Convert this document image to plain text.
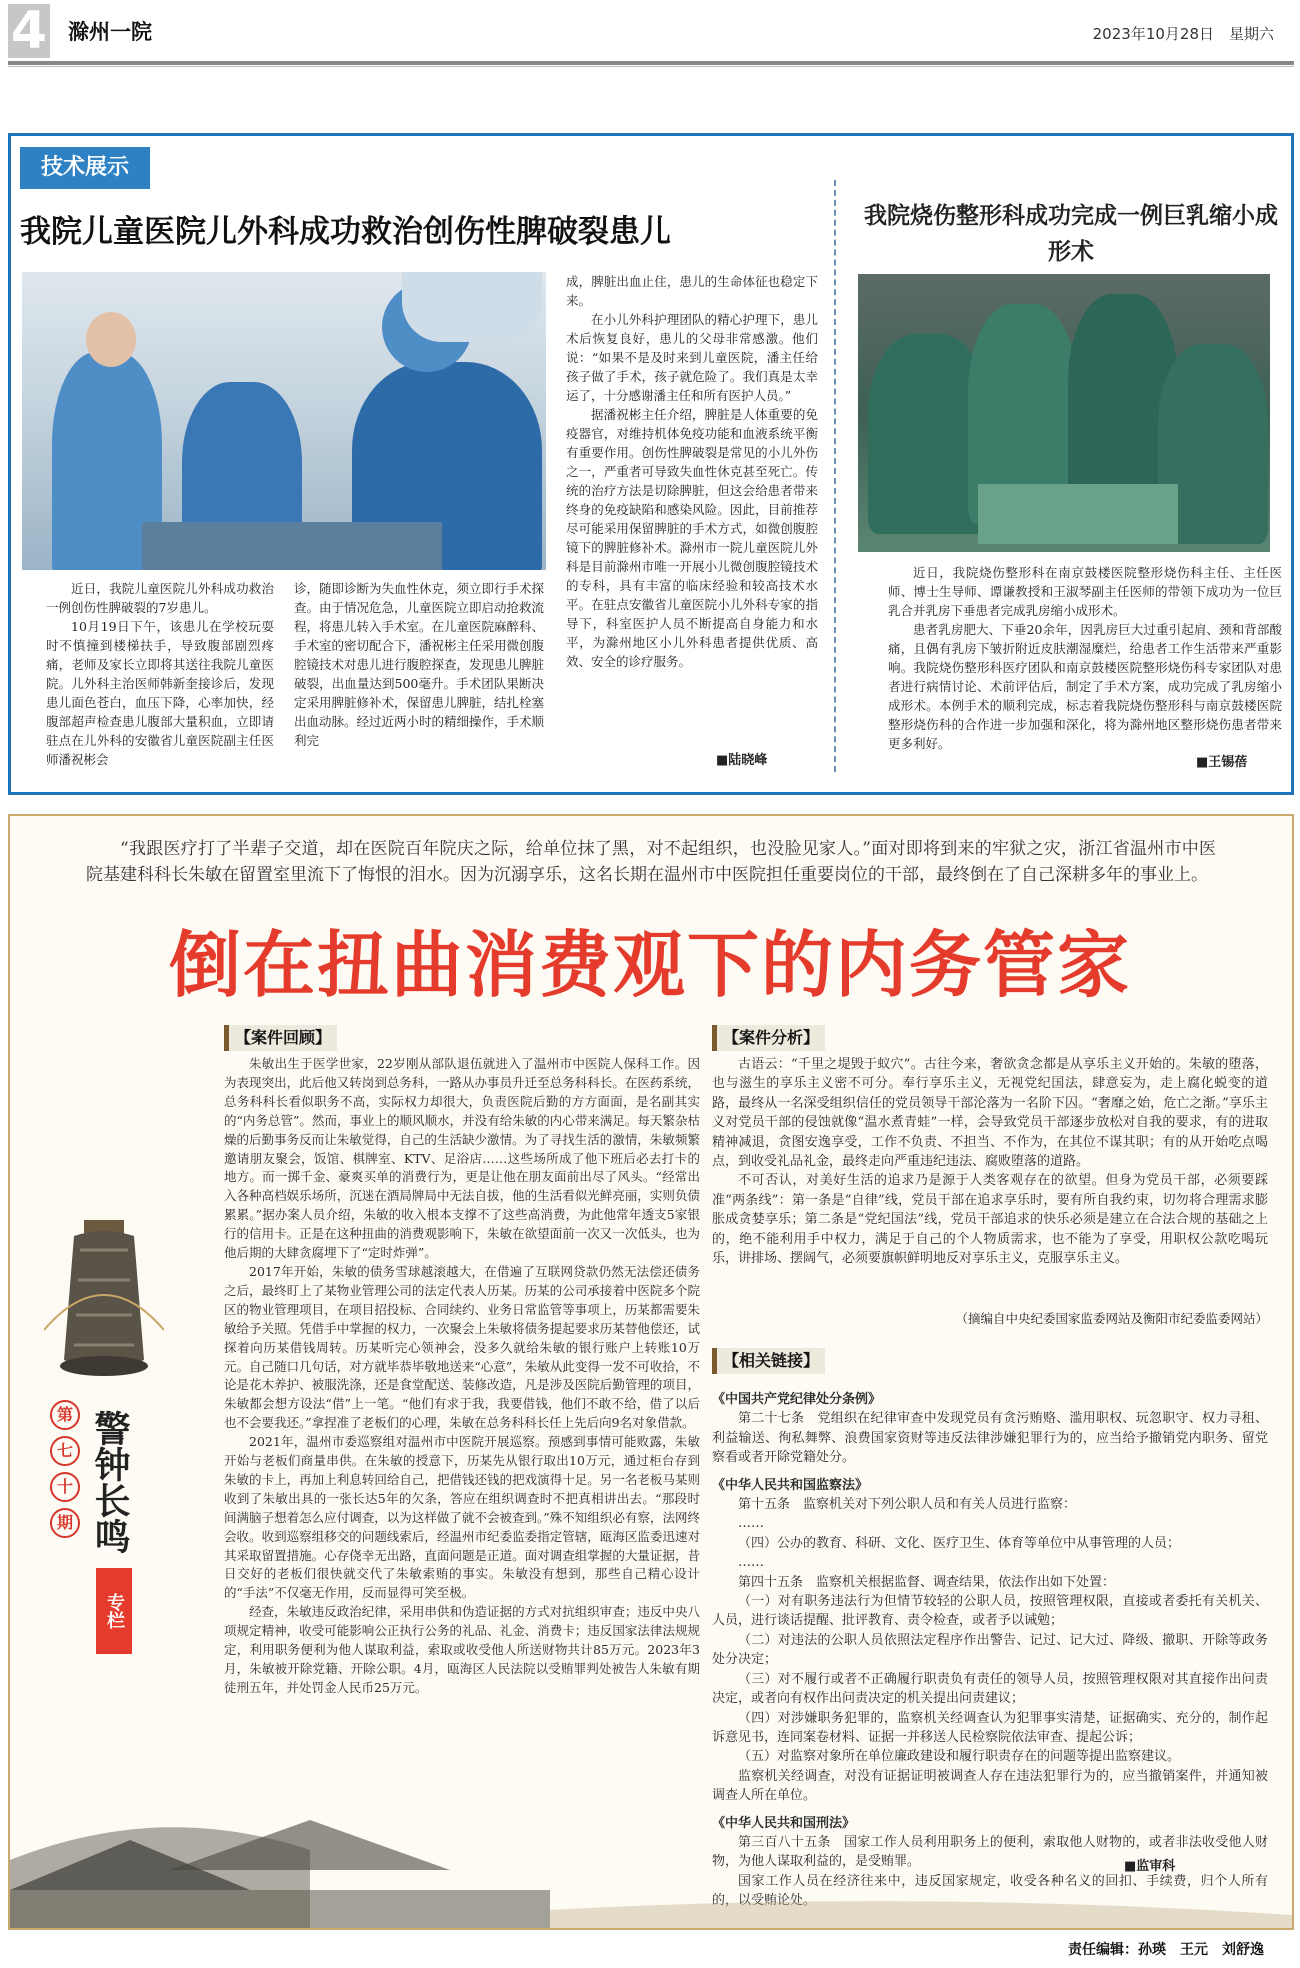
4 滁州一院	2023年10月28日　星期六
技术展示
我院儿童医院儿外科成功救治创伤性脾破裂患儿

近日，我院儿童医院儿外科成功救治一例创伤性脾破裂的7岁患儿。

10月19日下午，该患儿在学校玩耍时不慎撞到楼梯扶手，导致腹部剧烈疼痛，老师及家长立即将其送往我院儿童医院。儿外科主治医师韩新奎接诊后，发现患儿面色苍白，血压下降，心率加快，经腹部超声检查患儿腹部大量积血，立即请驻点在儿外科的安徽省儿童医院副主任医师潘祝彬会

诊，随即诊断为失血性休克，须立即行手术探查。由于情况危急，儿童医院立即启动抢救流程，将患儿转入手术室。在儿童医院麻醉科、手术室的密切配合下，潘祝彬主任采用微创腹腔镜技术对患儿进行腹腔探查，发现患儿脾脏破裂，出血量达到500毫升。手术团队果断决定采用脾脏修补术，保留患儿脾脏，结扎栓塞出血动脉。经过近两小时的精细操作，手术顺利完

成，脾脏出血止住，患儿的生命体征也稳定下来。

在小儿外科护理团队的精心护理下，患儿术后恢复良好，患儿的父母非常感激。他们说：“如果不是及时来到儿童医院，潘主任给孩子做了手术，孩子就危险了。我们真是太幸运了，十分感谢潘主任和所有医护人员。”

据潘祝彬主任介绍，脾脏是人体重要的免疫器官，对维持机体免疫功能和血液系统平衡有重要作用。创伤性脾破裂是常见的小儿外伤之一，严重者可导致失血性休克甚至死亡。传统的治疗方法是切除脾脏，但这会给患者带来终身的免疫缺陷和感染风险。因此，目前推荐尽可能采用保留脾脏的手术方式，如微创腹腔镜下的脾脏修补术。滁州市一院儿童医院儿外科是目前滁州市唯一开展小儿微创腹腔镜技术的专科，具有丰富的临床经验和较高技术水平。在驻点安徽省儿童医院小儿外科专家的指导下，科室医护人员不断提高自身能力和水平，为滁州地区小儿外科患者提供优质、高效、安全的诊疗服务。

■陆晓峰
我院烧伤整形科成功完成一例巨乳缩小成形术

近日，我院烧伤整形科在南京鼓楼医院整形烧伤科主任、主任医师、博士生导师、谭谦教授和王淑琴副主任医师的带领下成功为一位巨乳合并乳房下垂患者完成乳房缩小成形术。

患者乳房肥大、下垂20余年，因乳房巨大过重引起肩、颈和背部酸痛，且偶有乳房下皱折附近皮肤潮湿糜烂，给患者工作生活带来严重影响。我院烧伤整形科医疗团队和南京鼓楼医院整形烧伤科专家团队对患者进行病情讨论、术前评估后，制定了手术方案，成功完成了乳房缩小成形术。本例手术的顺利完成，标志着我院烧伤整形科与南京鼓楼医院整形烧伤科的合作进一步加强和深化，将为滁州地区整形烧伤患者带来更多利好。

■王锡蓓
“我跟医疗打了半辈子交道，却在医院百年院庆之际，给单位抹了黑，对不起组织，也没脸见家人。”面对即将到来的牢狱之灾，浙江省温州市中医院基建科科长朱敏在留置室里流下了悔恨的泪水。因为沉溺享乐，这名长期在温州市中医院担任重要岗位的干部，最终倒在了自己深耕多年的事业上。
倒在扭曲消费观下的内务管家
警钟长鸣
第
七
十
期
专栏
【案件回顾】

朱敏出生于医学世家，22岁刚从部队退伍就进入了温州市中医院人保科工作。因为表现突出，此后他又转岗到总务科，一路从办事员升迁至总务科科长。在医药系统，总务科科长看似职务不高，实际权力却很大，负责医院后勤的方方面面，是名副其实的“内务总管”。然而，事业上的顺风顺水，并没有给朱敏的内心带来满足。每天繁杂枯燥的后勤事务反而让朱敏觉得，自己的生活缺少激情。为了寻找生活的激情，朱敏频繁邀请朋友聚会，饭馆、棋牌室、KTV、足浴店……这些场所成了他下班后必去打卡的地方。而一掷千金、豪爽买单的消费行为，更是让他在朋友面前出尽了风头。“经常出入各种高档娱乐场所，沉迷在酒局牌局中无法自拔，他的生活看似光鲜亮丽，实则负债累累。”据办案人员介绍，朱敏的收入根本支撑不了这些高消费，为此他常年透支5家银行的信用卡。正是在这种扭曲的消费观影响下，朱敏在欲望面前一次又一次低头，也为他后期的大肆贪腐埋下了“定时炸弹”。

2017年开始，朱敏的债务雪球越滚越大，在借遍了互联网贷款仍然无法偿还债务之后，最终盯上了某物业管理公司的法定代表人历某。历某的公司承接着中医院多个院区的物业管理项目，在项目招投标、合同续约、业务日常监管等事项上，历某都需要朱敏给予关照。凭借手中掌握的权力，一次聚会上朱敏将债务提起要求历某替他偿还，试探着向历某借钱周转。历某听完心领神会，没多久就给朱敏的银行账户上转账10万元。自己随口几句话，对方就毕恭毕敬地送来“心意”，朱敏从此变得一发不可收拾，不论是花木养护、被服洗涤，还是食堂配送、装修改造，凡是涉及医院后勤管理的项目，朱敏都会想方设法“借”上一笔。“他们有求于我，我要借钱，他们不敢不给，借了以后也不会要我还。”拿捏准了老板们的心理，朱敏在总务科科长任上先后向9名对象借款。

2021年，温州市委巡察组对温州市中医院开展巡察。预感到事情可能败露，朱敏开始与老板们商量串供。在朱敏的授意下，历某先从银行取出10万元，通过柜台存到朱敏的卡上，再加上利息转回给自己，把借钱还钱的把戏演得十足。另一名老板马某则收到了朱敏出具的一张长达5年的欠条，答应在组织调查时不把真相讲出去。“那段时间满脑子想着怎么应付调查，以为这样做了就不会被查到。”殊不知组织必有察，法网终会收。收到巡察组移交的问题线索后，经温州市纪委监委指定管辖，瓯海区监委迅速对其采取留置措施。心存侥幸无出路，直面问题是正道。面对调查组掌握的大量证据，昔日交好的老板们很快就交代了朱敏索贿的事实。朱敏没有想到，那些自己精心设计的“手法”不仅毫无作用，反而显得可笑至极。

经查，朱敏违反政治纪律，采用串供和伪造证据的方式对抗组织审查；违反中央八项规定精神，收受可能影响公正执行公务的礼品、礼金、消费卡；违反国家法律法规规定，利用职务便利为他人谋取利益，索取或收受他人所送财物共计85万元。2023年3月，朱敏被开除党籍、开除公职。4月，瓯海区人民法院以受贿罪判处被告人朱敏有期徒刑五年，并处罚金人民币25万元。

【案件分析】

古语云：“千里之堤毁于蚁穴”。古往今来，奢欲贪念都是从享乐主义开始的。朱敏的堕落，也与滋生的享乐主义密不可分。奉行享乐主义，无视党纪国法，肆意妄为，走上腐化蜕变的道路，最终从一名深受组织信任的党员领导干部沦落为一名阶下囚。“奢靡之始，危亡之渐。”享乐主义对党员干部的侵蚀就像“温水煮青蛙”一样，会导致党员干部逐步放松对自我的要求，有的进取精神减退，贪图安逸享受，工作不负责、不担当、不作为，在其位不谋其职；有的从开始吃点喝点，到收受礼品礼金，最终走向严重违纪违法、腐败堕落的道路。

不可否认，对美好生活的追求乃是源于人类客观存在的欲望。但身为党员干部，必须要踩准“两条线”：第一条是“自律”线，党员干部在追求享乐时，要有所自我约束，切勿将合理需求膨胀成贪婪享乐；第二条是“党纪国法”线，党员干部追求的快乐必须是建立在合法合规的基础之上的，绝不能利用手中权力，满足于自己的个人物质需求，也不能为了享受，用职权公款吃喝玩乐，讲排场、摆阔气，必须要旗帜鲜明地反对享乐主义，克服享乐主义。

（摘编自中央纪委国家监委网站及衡阳市纪委监委网站）
【相关链接】

《中国共产党纪律处分条例》

第二十七条　党组织在纪律审查中发现党员有贪污贿赂、滥用职权、玩忽职守、权力寻租、利益输送、徇私舞弊、浪费国家资财等违反法律涉嫌犯罪行为的，应当给予撤销党内职务、留党察看或者开除党籍处分。

《中华人民共和国监察法》

第十五条　监察机关对下列公职人员和有关人员进行监察：

……

（四）公办的教育、科研、文化、医疗卫生、体育等单位中从事管理的人员；

……

第四十五条　监察机关根据监督、调查结果，依法作出如下处置：

（一）对有职务违法行为但情节较轻的公职人员，按照管理权限，直接或者委托有关机关、人员，进行谈话提醒、批评教育、责令检查，或者予以诫勉；

（二）对违法的公职人员依照法定程序作出警告、记过、记大过、降级、撤职、开除等政务处分决定；

（三）对不履行或者不正确履行职责负有责任的领导人员，按照管理权限对其直接作出问责决定，或者向有权作出问责决定的机关提出问责建议；

（四）对涉嫌职务犯罪的，监察机关经调查认为犯罪事实清楚，证据确实、充分的，制作起诉意见书，连同案卷材料、证据一并移送人民检察院依法审查、提起公诉；

（五）对监察对象所在单位廉政建设和履行职责存在的问题等提出监察建议。

监察机关经调查，对没有证据证明被调查人存在违法犯罪行为的，应当撤销案件，并通知被调查人所在单位。

《中华人民共和国刑法》

第三百八十五条　国家工作人员利用职务上的便利，索取他人财物的，或者非法收受他人财物，为他人谋取利益的，是受贿罪。

国家工作人员在经济往来中，违反国家规定，收受各种名义的回扣、手续费，归个人所有的，以受贿论处。

■监审科
责任编辑：孙瑛　王元　刘舒逸
